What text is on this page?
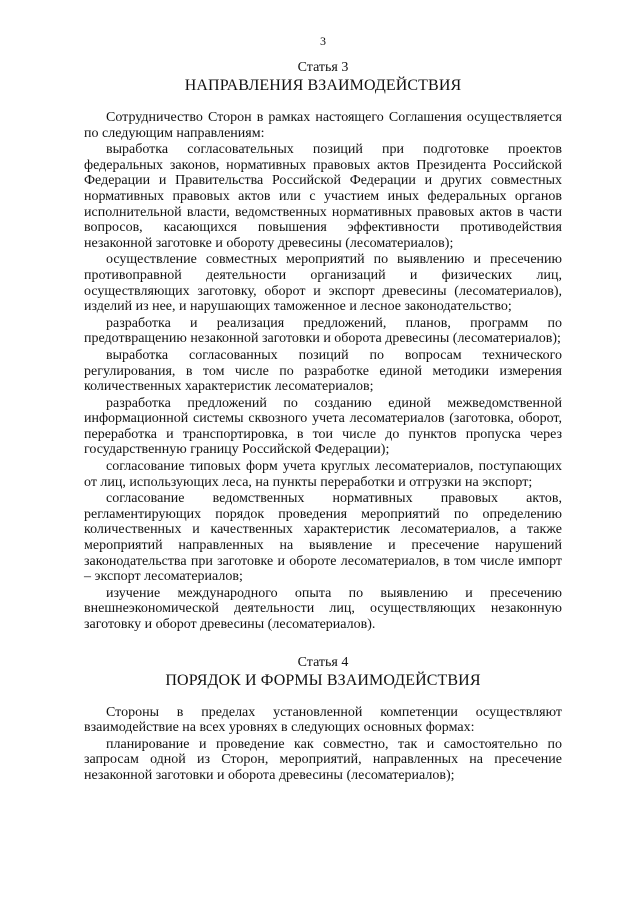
3
Статья 3
НАПРАВЛЕНИЯ ВЗАИМОДЕЙСТВИЯ

Сотрудничество Сторон в рамках настоящего Соглашения осуществляется по следующим направлениям:

выработка согласовательных позиций при подготовке проектов федеральных законов, нормативных правовых актов Президента Российской Федерации и Правительства Российской Федерации и других совместных нормативных правовых актов или с участием иных федеральных органов исполнительной власти, ведомственных нормативных правовых актов в части вопросов, касающихся повышения эффективности противодействия незаконной заготовке и обороту древесины (лесоматериалов);

осуществление совместных мероприятий по выявлению и пресечению противоправной деятельности организаций и физических лиц, осуществляющих заготовку, оборот и экспорт древесины (лесоматериалов), изделий из нее, и нарушающих таможенное и лесное законодательство;

разработка и реализация предложений, планов, программ по предотвращению незаконной заготовки и оборота древесины (лесоматериалов);

выработка согласованных позиций по вопросам технического регулирования, в том числе по разработке единой методики измерения количественных характеристик лесоматериалов;

разработка предложений по созданию единой межведомственной информационной системы сквозного учета лесоматериалов (заготовка, оборот, переработка и транспортировка, в тои числе до пунктов пропуска через государственную границу Российской Федерации);

согласование типовых форм учета круглых лесоматериалов, поступающих от лиц, использующих леса, на пункты переработки и отгрузки на экспорт;

согласование ведомственных нормативных правовых актов, регламентирующих порядок проведения мероприятий по определению количественных и качественных характеристик лесоматериалов, а также мероприятий направленных на выявление и пресечение нарушений законодательства при заготовке и обороте лесоматериалов, в том числе импорт – экспорт лесоматериалов;

изучение международного опыта по выявлению и пресечению внешнеэкономической деятельности лиц, осуществляющих незаконную заготовку и оборот древесины (лесоматериалов).

Статья 4
ПОРЯДОК И ФОРМЫ ВЗАИМОДЕЙСТВИЯ

Стороны в пределах установленной компетенции осуществляют взаимодействие на всех уровнях в следующих основных формах:

планирование и проведение как совместно, так и самостоятельно по запросам одной из Сторон, мероприятий, направленных на пресечение незаконной заготовки и оборота древесины (лесоматериалов);
